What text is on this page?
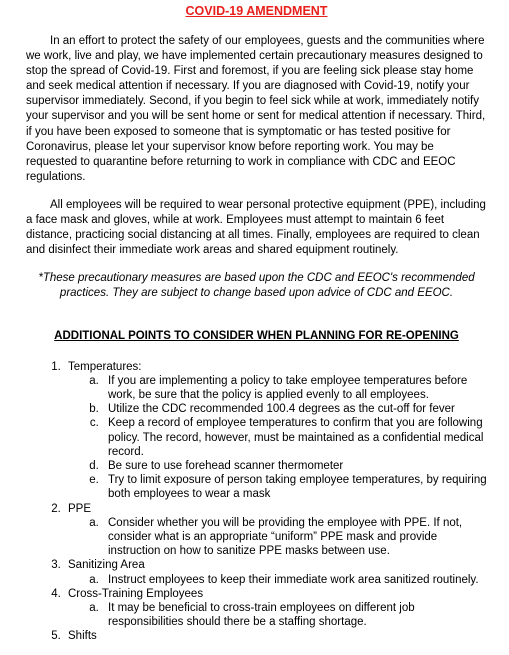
COVID-19 AMENDMENT

In an effort to protect the safety of our employees, guests and the communities where we work, live and play, we have implemented certain precautionary measures designed to stop the spread of Covid-19. First and foremost, if you are feeling sick please stay home and seek medical attention if necessary. If you are diagnosed with Covid-19, notify your supervisor immediately. Second, if you begin to feel sick while at work, immediately notify your supervisor and you will be sent home or sent for medical attention if necessary. Third, if you have been exposed to someone that is symptomatic or has tested positive for Coronavirus, please let your supervisor know before reporting work. You may be requested to quarantine before returning to work in compliance with CDC and EEOC regulations.

All employees will be required to wear personal protective equipment (PPE), including a face mask and gloves, while at work. Employees must attempt to maintain 6 feet distance, practicing social distancing at all times. Finally, employees are required to clean and disinfect their immediate work areas and shared equipment routinely.

*These precautionary measures are based upon the CDC and EEOC's recommended practices. They are subject to change based upon advice of CDC and EEOC.

ADDITIONAL POINTS TO CONSIDER WHEN PLANNING FOR RE-OPENING
1. Temperatures:
a. If you are implementing a policy to take employee temperatures before work, be sure that the policy is applied evenly to all employees.
b. Utilize the CDC recommended 100.4 degrees as the cut-off for fever
c. Keep a record of employee temperatures to confirm that you are following policy. The record, however, must be maintained as a confidential medical record.
d. Be sure to use forehead scanner thermometer
e. Try to limit exposure of person taking employee temperatures, by requiring both employees to wear a mask
2. PPE
a. Consider whether you will be providing the employee with PPE. If not, consider what is an appropriate “uniform” PPE mask and provide instruction on how to sanitize PPE masks between use.
3. Sanitizing Area
a. Instruct employees to keep their immediate work area sanitized routinely.
4. Cross-Training Employees
a. It may be beneficial to cross-train employees on different job responsibilities should there be a staffing shortage.
5. Shifts
